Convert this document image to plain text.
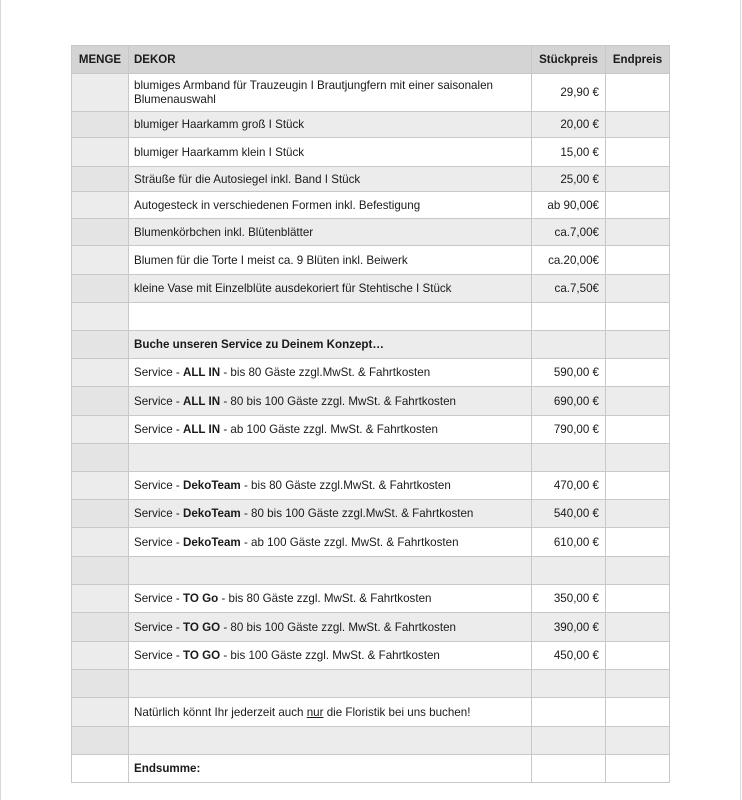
MENGE	DEKOR	Stückpreis	Endpreis
	blumiges Armband für Trauzeugin I Brautjungfern mit einer saisonalen Blumenauswahl	29,90 €	
	blumiger Haarkamm groß I Stück	20,00 €	
	blumiger Haarkamm klein I Stück	15,00 €	
	Sträuße für die Autosiegel inkl. Band I Stück	25,00 €	
	Autogesteck in verschiedenen Formen inkl. Befestigung	ab 90,00€	
	Blumenkörbchen inkl. Blütenblätter	ca.7,00€	
	Blumen für die Torte I meist ca. 9 Blüten inkl. Beiwerk	ca.20,00€	
	kleine Vase mit Einzelblüte ausdekoriert für Stehtische I Stück	ca.7,50€	

	Buche unseren Service zu Deinem Konzept…		
	Service - ALL IN - bis 80 Gäste zzgl.MwSt. & Fahrtkosten	590,00 €	
	Service - ALL IN - 80 bis 100 Gäste zzgl. MwSt. & Fahrtkosten	690,00 €	
	Service - ALL IN - ab 100 Gäste zzgl. MwSt. & Fahrtkosten	790,00 €	

	Service - DekoTeam - bis 80 Gäste zzgl.MwSt. & Fahrtkosten	470,00 €	
	Service - DekoTeam - 80 bis 100 Gäste zzgl.MwSt. & Fahrtkosten	540,00 €	
	Service - DekoTeam - ab 100 Gäste zzgl. MwSt. & Fahrtkosten	610,00 €	

	Service - TO Go - bis 80 Gäste zzgl. MwSt. & Fahrtkosten	350,00 €	
	Service - TO GO - 80 bis 100 Gäste zzgl. MwSt. & Fahrtkosten	390,00 €	
	Service - TO GO - bis 100 Gäste zzgl. MwSt. & Fahrtkosten	450,00 €	

	Natürlich könnt Ihr jederzeit auch nur die Floristik bei uns buchen!		

	Endsumme:		
